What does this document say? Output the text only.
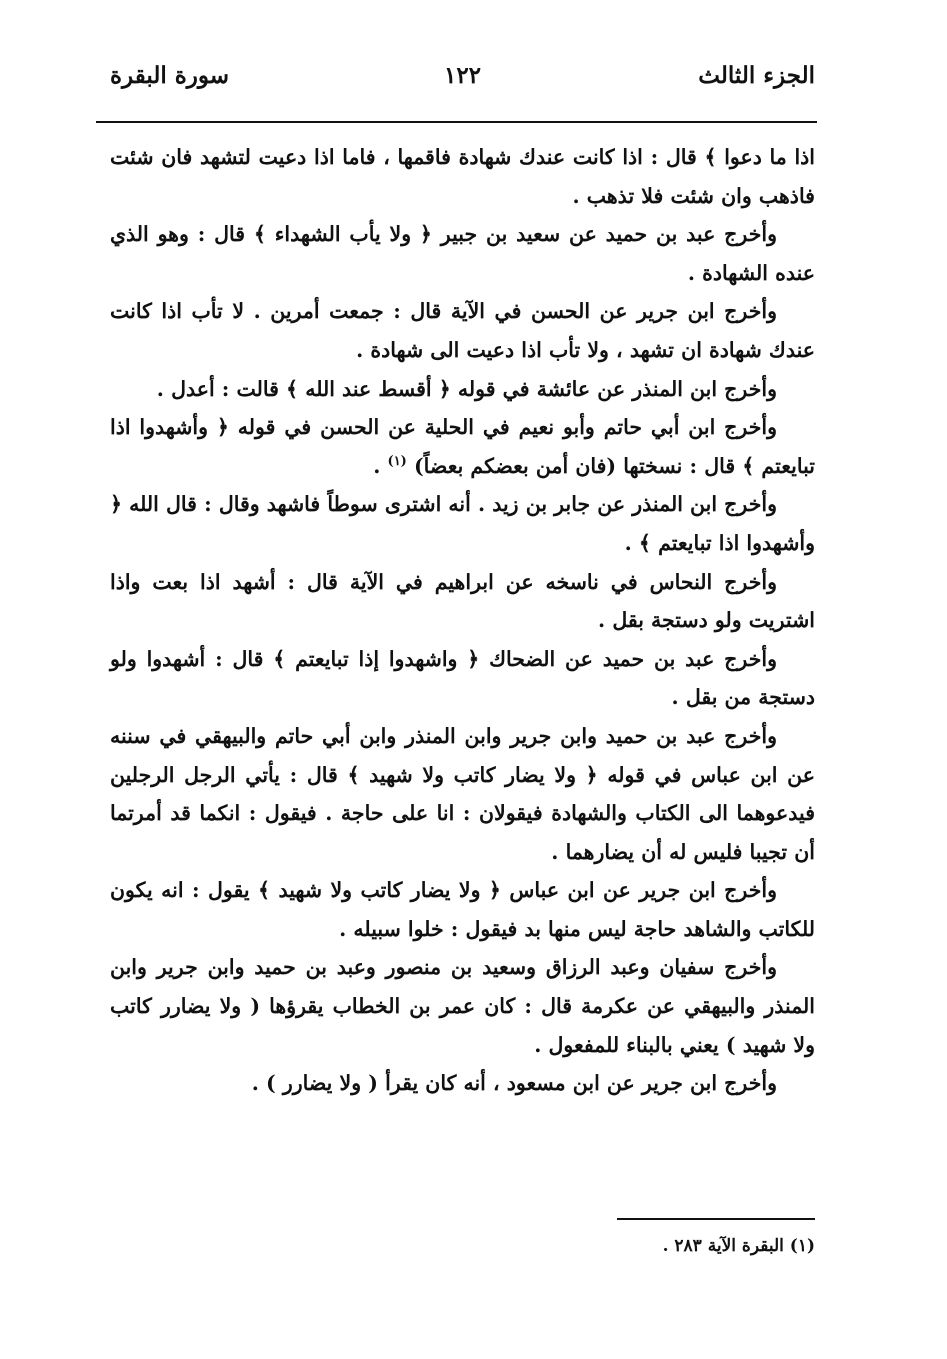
الجزء الثالث
١٢٢
سورة البقرة

اذا ما دعوا ﴾ قال : اذا كانت عندك شهادة فاقمها ، فاما اذا دعيت لتشهد فان شئت فاذهب وان شئت فلا تذهب .

وأخرج عبد بن حميد عن سعيد بن جبير ﴿ ولا يأب الشهداء ﴾ قال : وهو الذي عنده الشهادة .

وأخرج ابن جرير عن الحسن في الآية قال : جمعت أمرين . لا تأب اذا كانت عندك شهادة ان تشهد ، ولا تأب اذا دعيت الى شهادة .

وأخرج ابن المنذر عن عائشة في قوله ﴿ أقسط عند الله ﴾ قالت : أعدل .

وأخرج ابن أبي حاتم وأبو نعيم في الحلية عن الحسن في قوله ﴿ وأشهدوا اذا تبايعتم ﴾ قال : نسختها (فان أمن بعضكم بعضاً) $^{(١)}$ .

وأخرج ابن المنذر عن جابر بن زيد . أنه اشترى سوطاً فاشهد وقال : قال الله ﴿ وأشهدوا اذا تبايعتم ﴾ .

وأخرج النحاس في ناسخه عن ابراهيم في الآية قال : أشهد اذا بعت واذا اشتريت ولو دستجة بقل .

وأخرج عبد بن حميد عن الضحاك ﴿ واشهدوا إذا تبايعتم ﴾ قال : أشهدوا ولو دستجة من بقل .

وأخرج عبد بن حميد وابن جرير وابن المنذر وابن أبي حاتم والبيهقي في سننه عن ابن عباس في قوله ﴿ ولا يضار كاتب ولا شهيد ﴾ قال : يأتي الرجل الرجلين فيدعوهما الى الكتاب والشهادة فيقولان : انا على حاجة . فيقول : انكما قد أمرتما أن تجيبا فليس له أن يضارهما .

وأخرج ابن جرير عن ابن عباس ﴿ ولا يضار كاتب ولا شهيد ﴾ يقول : انه يكون للكاتب والشاهد حاجة ليس منها بد فيقول : خلوا سبيله .

وأخرج سفيان وعبد الرزاق وسعيد بن منصور وعبد بن حميد وابن جرير وابن المنذر والبيهقي عن عكرمة قال : كان عمر بن الخطاب يقرؤها ( ولا يضارر كاتب ولا شهيد ) يعني بالبناء للمفعول .

وأخرج ابن جرير عن ابن مسعود ، أنه كان يقرأ ( ولا يضارر ) .

(١) البقرة الآية ٢٨٣ .
